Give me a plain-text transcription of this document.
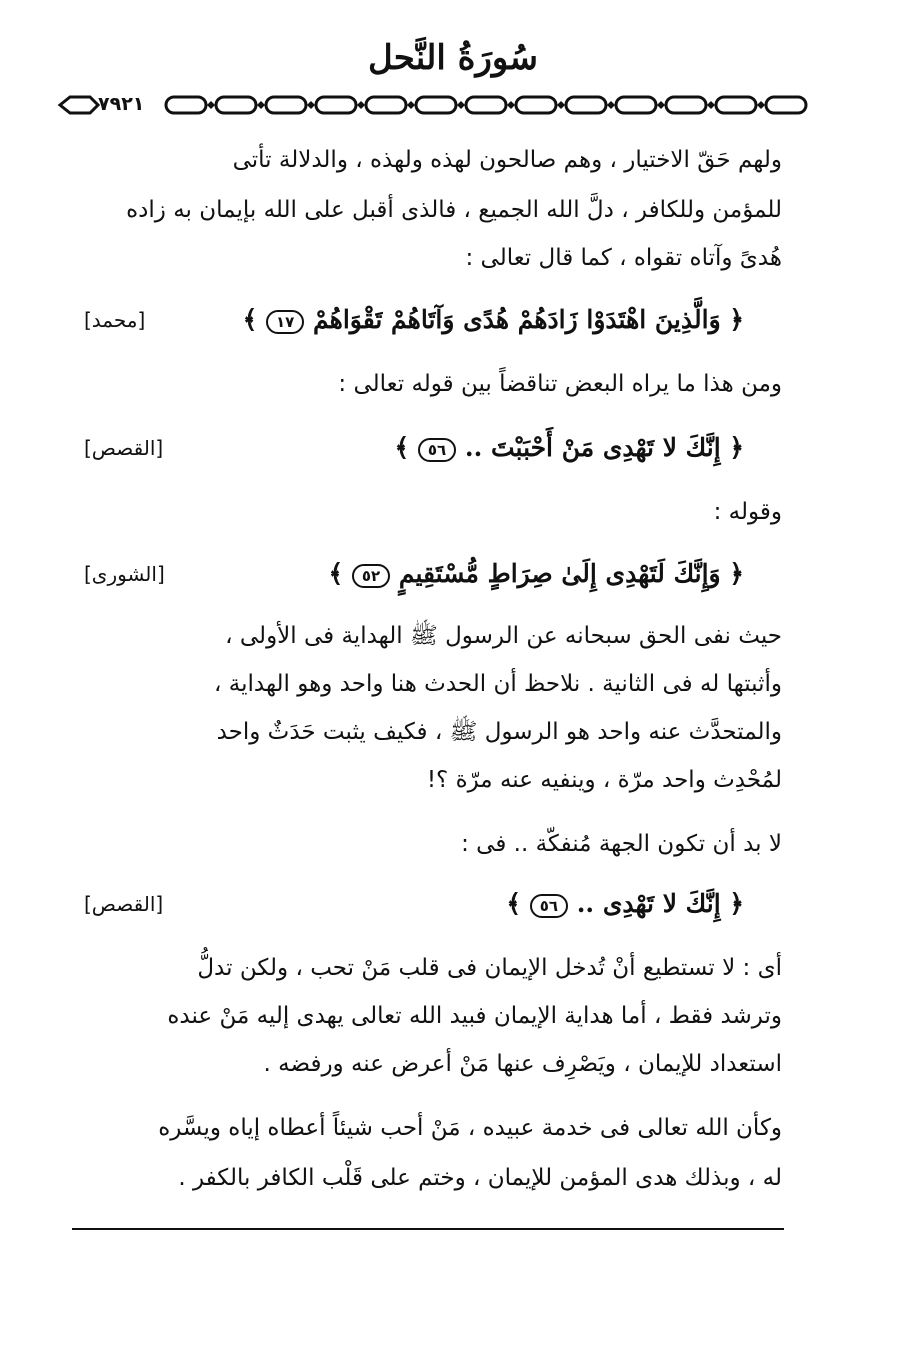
سُورَةُ النَّحل
٧٩٢١
ولهم حَقّ الاختيار ، وهم صالحون لهذه ولهذه ، والدلالة تأتى
للمؤمن وللكافر ، دلَّ الله الجميع ، فالذى أقبل على الله بإيمان به زاده
هُدىً وآتاه تقواه ، كما قال تعالى :
﴿ وَالَّذِينَ اهْتَدَوْا زَادَهُمْ هُدًى وَآتَاهُمْ تَقْوَاهُمْ ١٧ ﴾
[محمد]
ومن هذا ما يراه البعض تناقضاً بين قوله تعالى :
﴿ إِنَّكَ لا تَهْدِى مَنْ أَحْبَبْتَ .. ٥٦ ﴾
[القصص]
وقوله :
﴿ وَإِنَّكَ لَتَهْدِى إِلَىٰ صِرَاطٍ مُّسْتَقِيمٍ ٥٢ ﴾
[الشورى]
حيث نفى الحق سبحانه عن الرسول ﷺ الهداية فى الأولى ،
وأثبتها له فى الثانية . نلاحظ أن الحدث هنا واحد وهو الهداية ،
والمتحدَّث عنه واحد هو الرسول ﷺ ، فكيف يثبت حَدَثٌ واحد
لمُحْدِث واحد مرّة ، وينفيه عنه مرّة ؟!
لا بد أن تكون الجهة مُنفكّة .. فى :
﴿ إِنَّكَ لا تَهْدِى .. ٥٦ ﴾
[القصص]
أى : لا تستطيع أنْ تُدخل الإيمان فى قلب مَنْ تحب ، ولكن تدلُّ
وترشد فقط ، أما هداية الإيمان فبيد الله تعالى يهدى إليه مَنْ عنده
استعداد للإيمان ، ويَصْرِف عنها مَنْ أعرض عنه ورفضه .
وكأن الله تعالى فى خدمة عبيده ، مَنْ أحب شيئاً أعطاه إياه ويسَّره
له ، وبذلك هدى المؤمن للإيمان ، وختم على قَلْب الكافر بالكفر .
